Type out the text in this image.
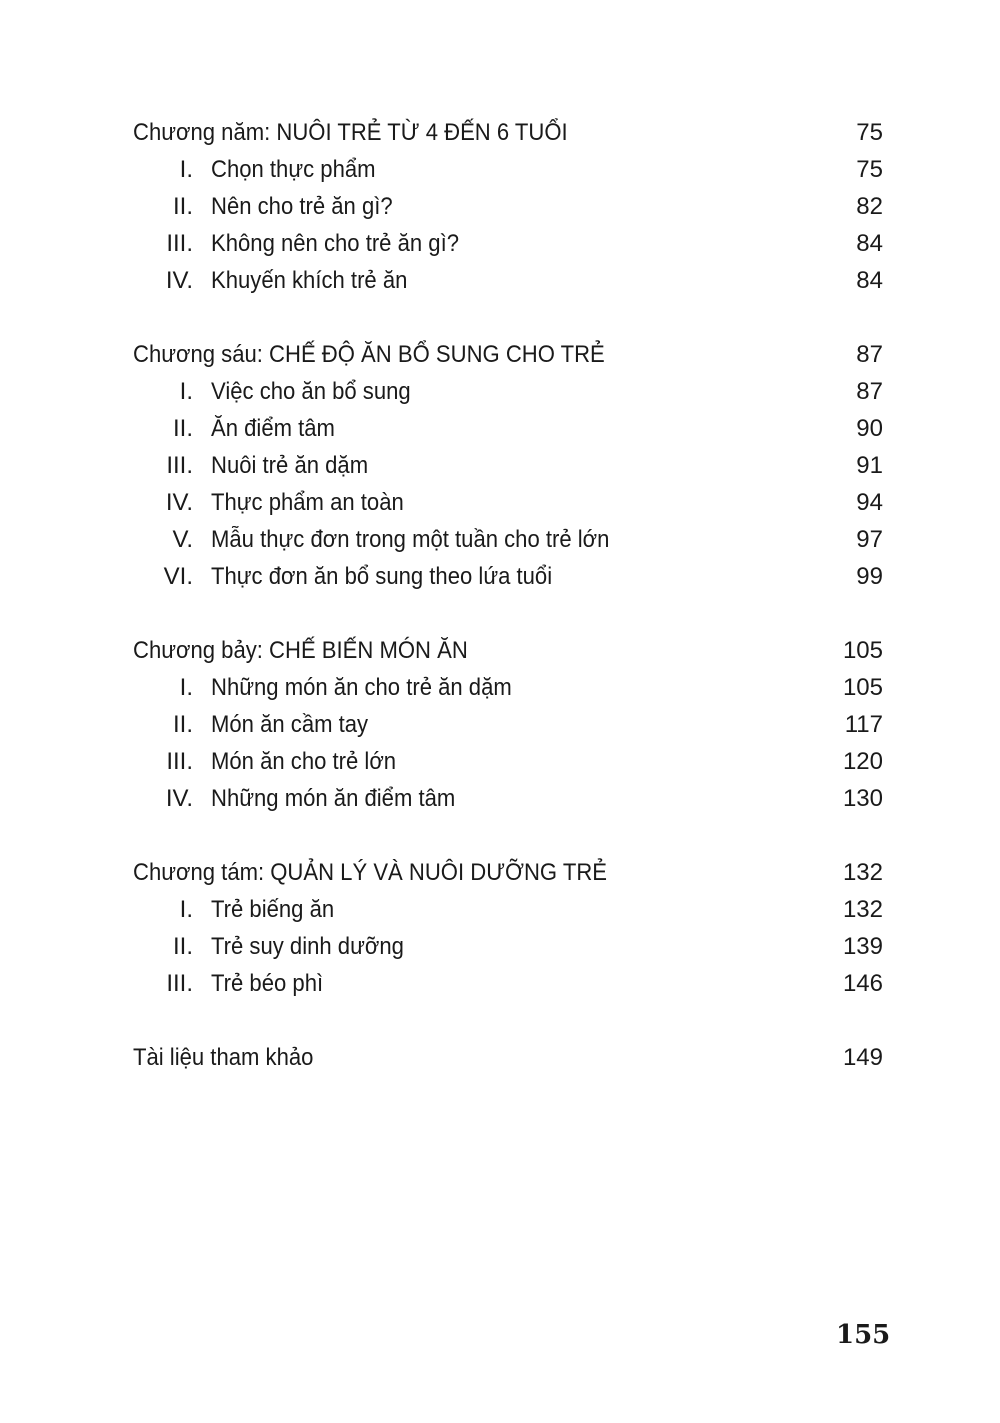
Chương năm: NUÔI TRẺ TỪ 4 ĐẾN 6 TUỔI	75
I. Chọn thực phẩm	75
II. Nên cho trẻ ăn gì?	82
III. Không nên cho trẻ ăn gì?	84
IV. Khuyến khích trẻ ăn	84
Chương sáu: CHẾ ĐỘ ĂN BỔ SUNG CHO TRẺ	87
I. Việc cho ăn bổ sung	87
II. Ăn điểm tâm	90
III. Nuôi trẻ ăn dặm	91
IV. Thực phẩm an toàn	94
V. Mẫu thực đơn trong một tuần cho trẻ lớn	97
VI. Thực đơn ăn bổ sung theo lứa tuổi	99
Chương bảy: CHẾ BIẾN MÓN ĂN	105
I. Những món ăn cho trẻ ăn dặm	105
II. Món ăn cầm tay	117
III. Món ăn cho trẻ lớn	120
IV. Những món ăn điểm tâm	130
Chương tám: QUẢN LÝ VÀ NUÔI DƯỠNG TRẺ	132
I. Trẻ biếng ăn	132
II. Trẻ suy dinh dưỡng	139
III. Trẻ béo phì	146
Tài liệu tham khảo	149
155
